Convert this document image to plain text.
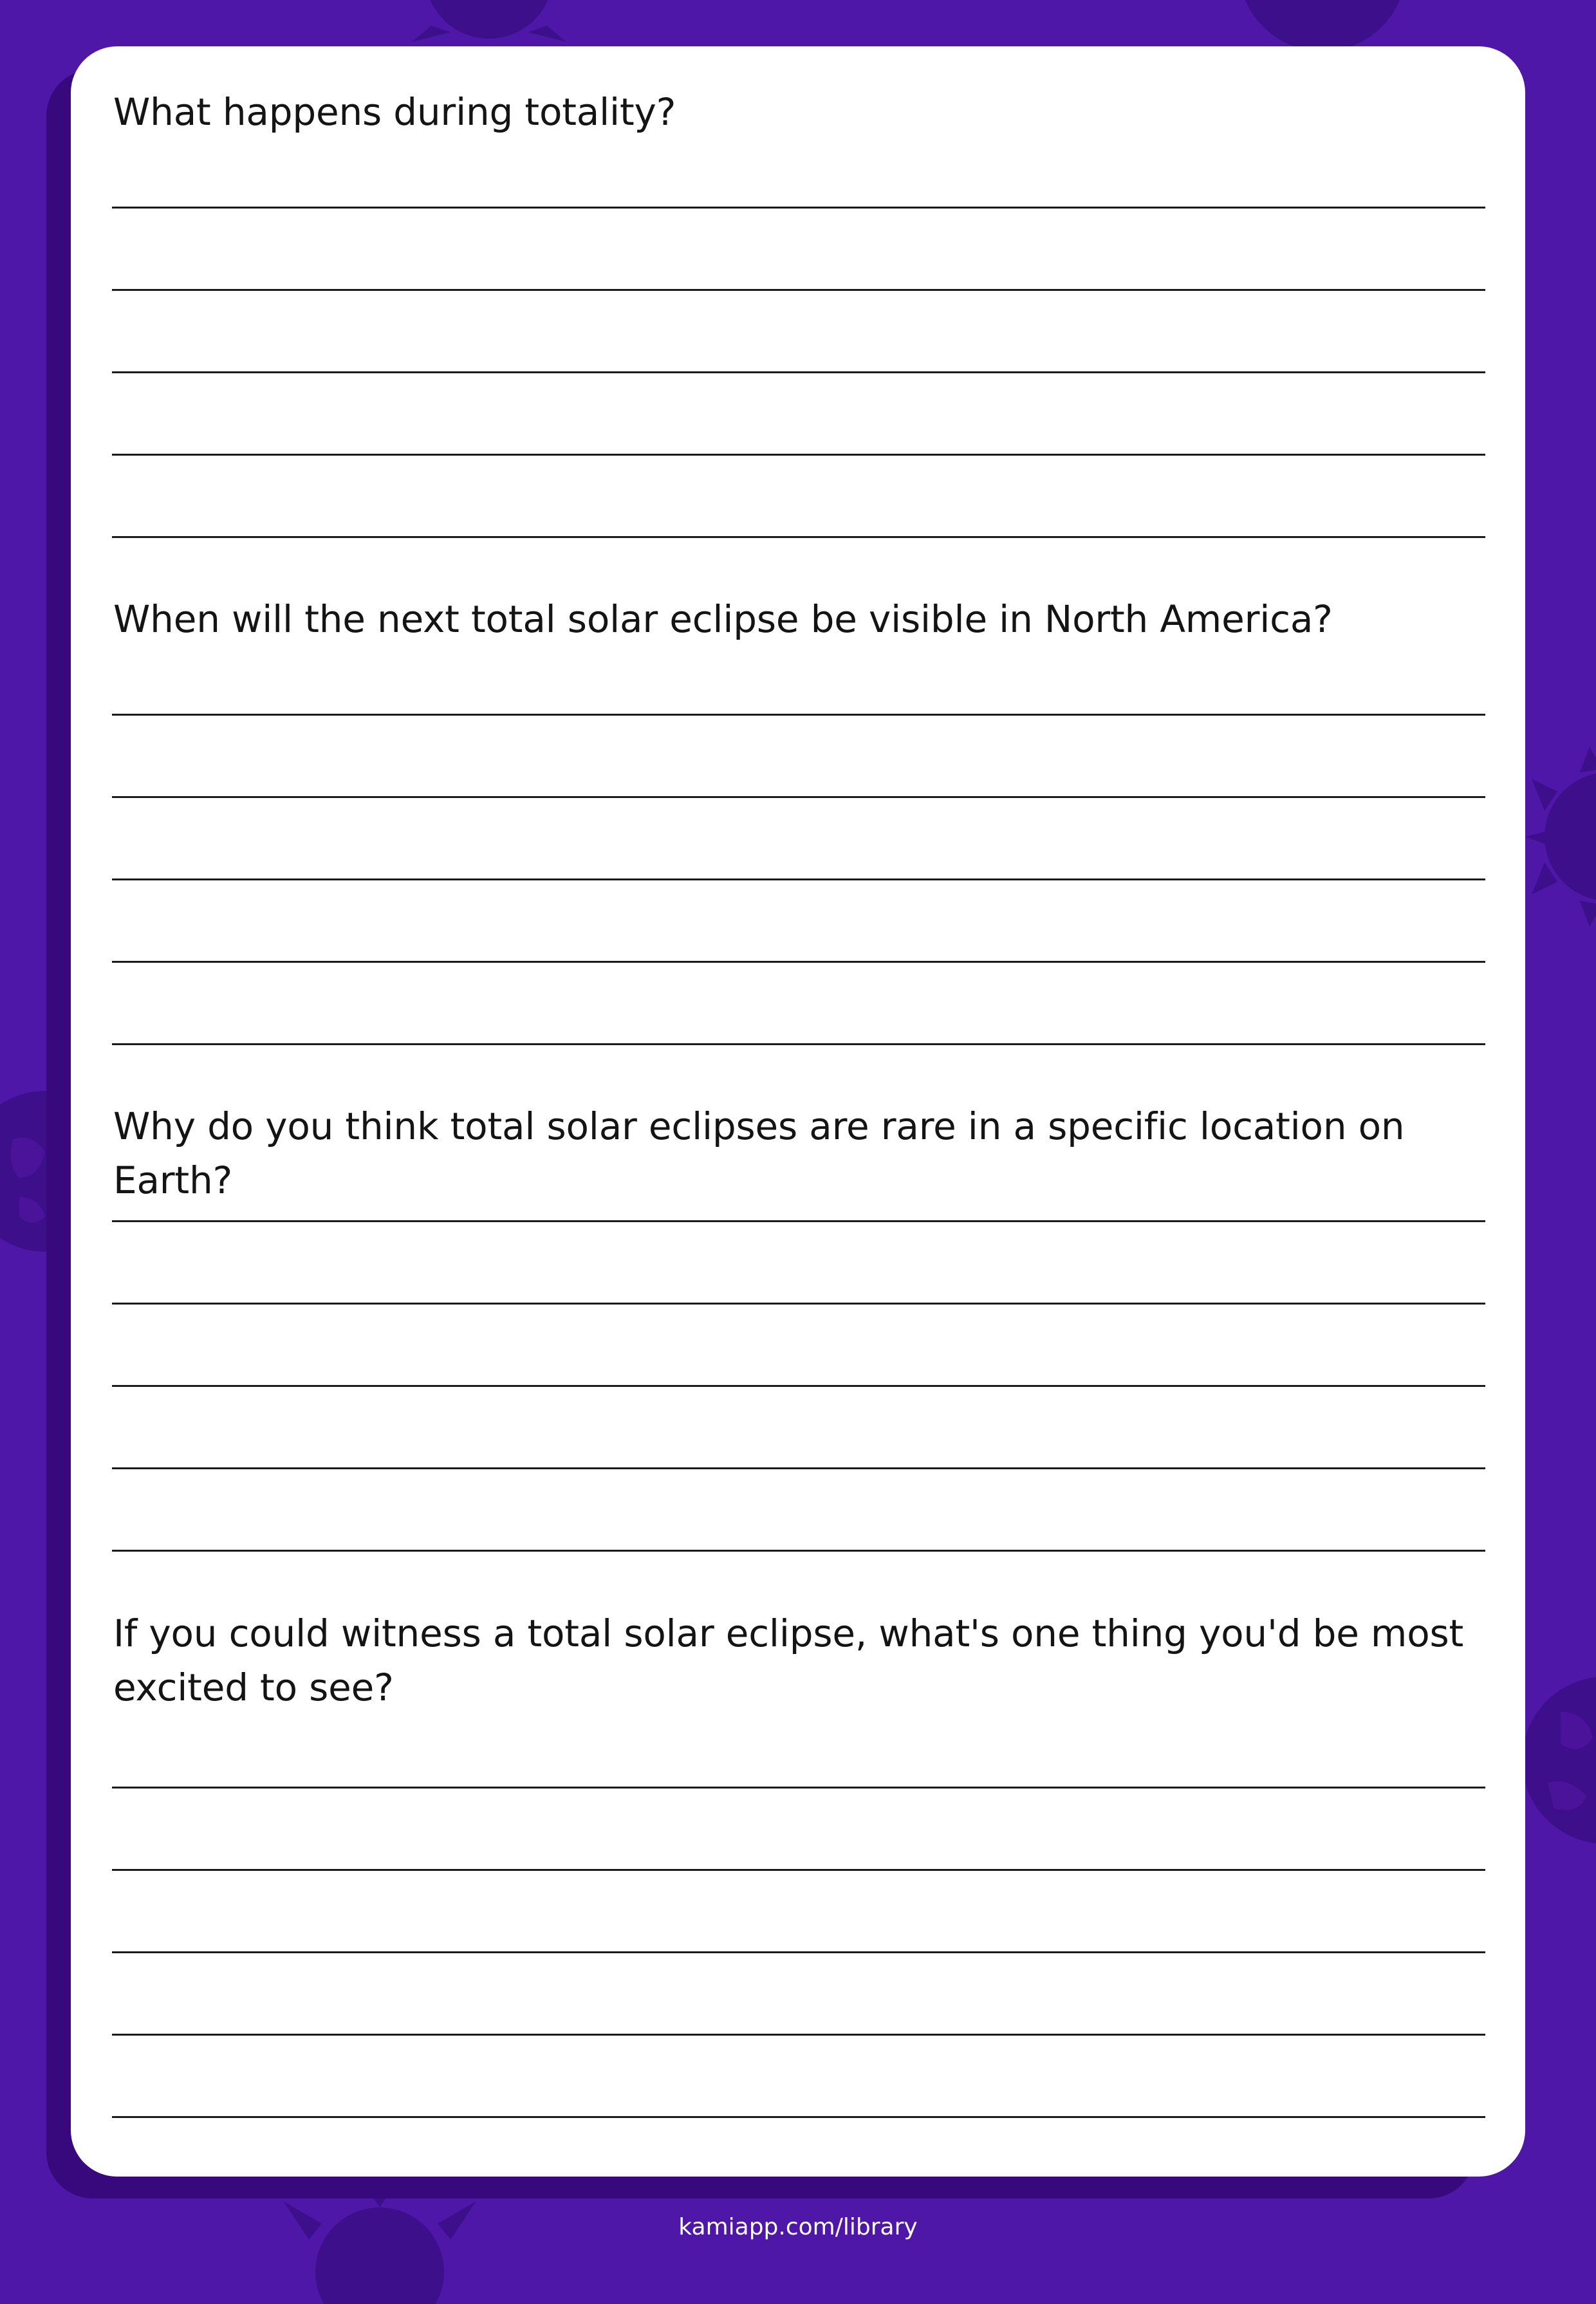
What happens during totality?
When will the next total solar eclipse be visible in North America?
Why do you think total solar eclipses are rare in a specific location on Earth?
If you could witness a total solar eclipse, what's one thing you'd be most excited to see?
kamiapp.com/library
